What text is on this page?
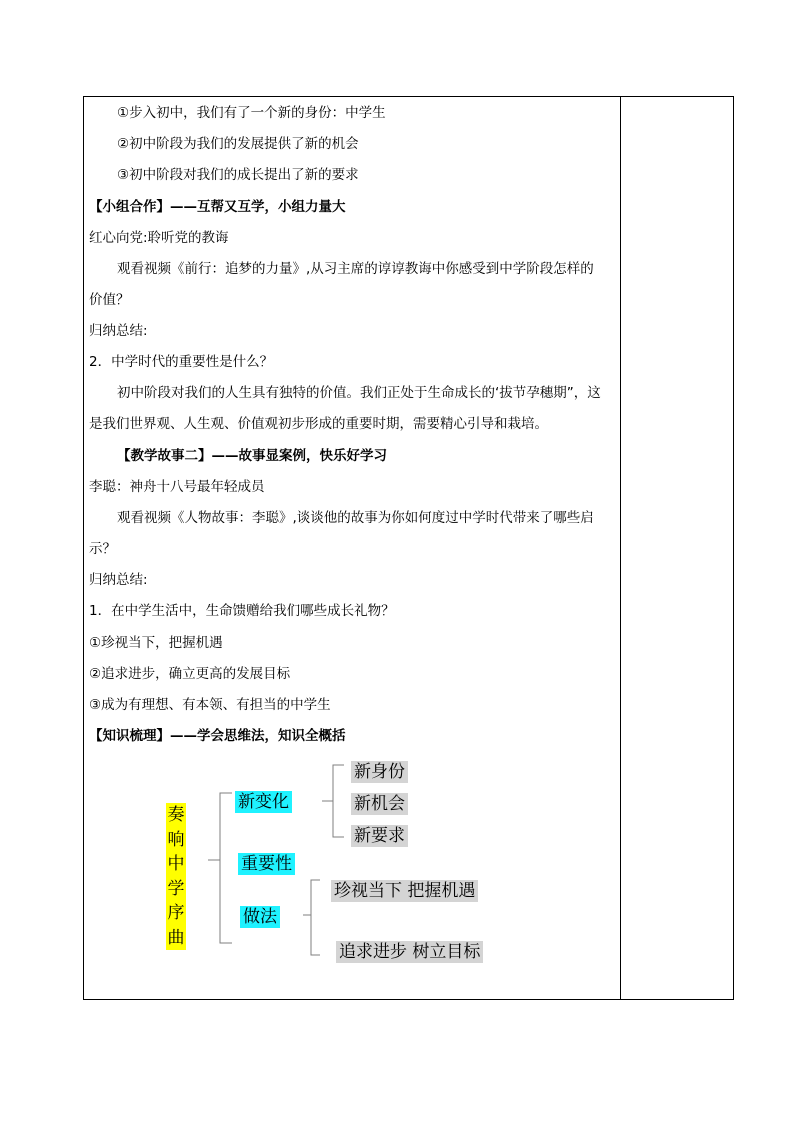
①步入初中，我们有了一个新的身份：中学生
②初中阶段为我们的发展提供了新的机会
③初中阶段对我们的成长提出了新的要求
【小组合作】——互帮又互学，小组力量大
红心向党:聆听党的教诲
观看视频《前行：追梦的力量》,从习主席的谆谆教诲中你感受到中学阶段怎样的
价值？
归纳总结:
2．中学时代的重要性是什么？
初中阶段对我们的人生具有独特的价值。我们正处于生命成长的‘拔节孕穗期”，这
是我们世界观、人生观、价值观初步形成的重要时期，需要精心引导和栽培。
【教学故事二】——故事显案例，快乐好学习
李聪：神舟十八号最年轻成员
观看视频《人物故事：李聪》,谈谈他的故事为你如何度过中学时代带来了哪些启
示？
归纳总结:
1．在中学生活中，生命馈赠给我们哪些成长礼物？
①珍视当下，把握机遇
②追求进步，确立更高的发展目标
③成为有理想、有本领、有担当的中学生
【知识梳理】——学会思维法，知识全概括
奏
响
中
学
序
曲
新变化
新身份
新机会
新要求
重要性
做法
珍视当下 把握机遇
追求进步 树立目标
